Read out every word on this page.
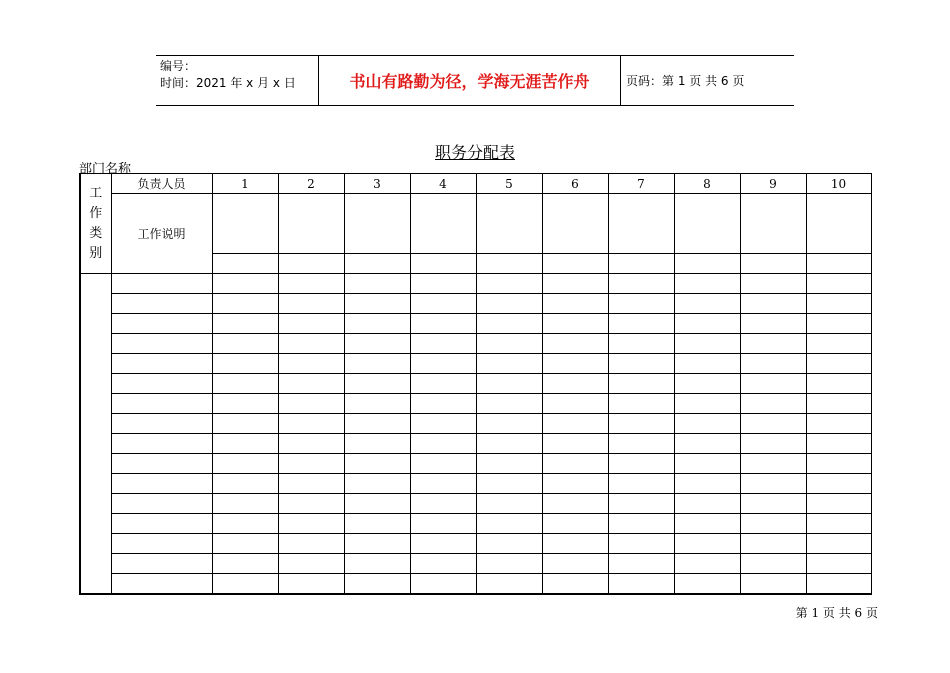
编号：
时间：2021 年 x 月 x 日	书山有路勤为径，学海无涯苦作舟	页码：第 1 页 共 6 页
职务分配表
部门名称
工
作
类
别	负责人员	1	2	3	4	5	6	7	8	9	10
	工作说明										

第 1 页 共 6 页
